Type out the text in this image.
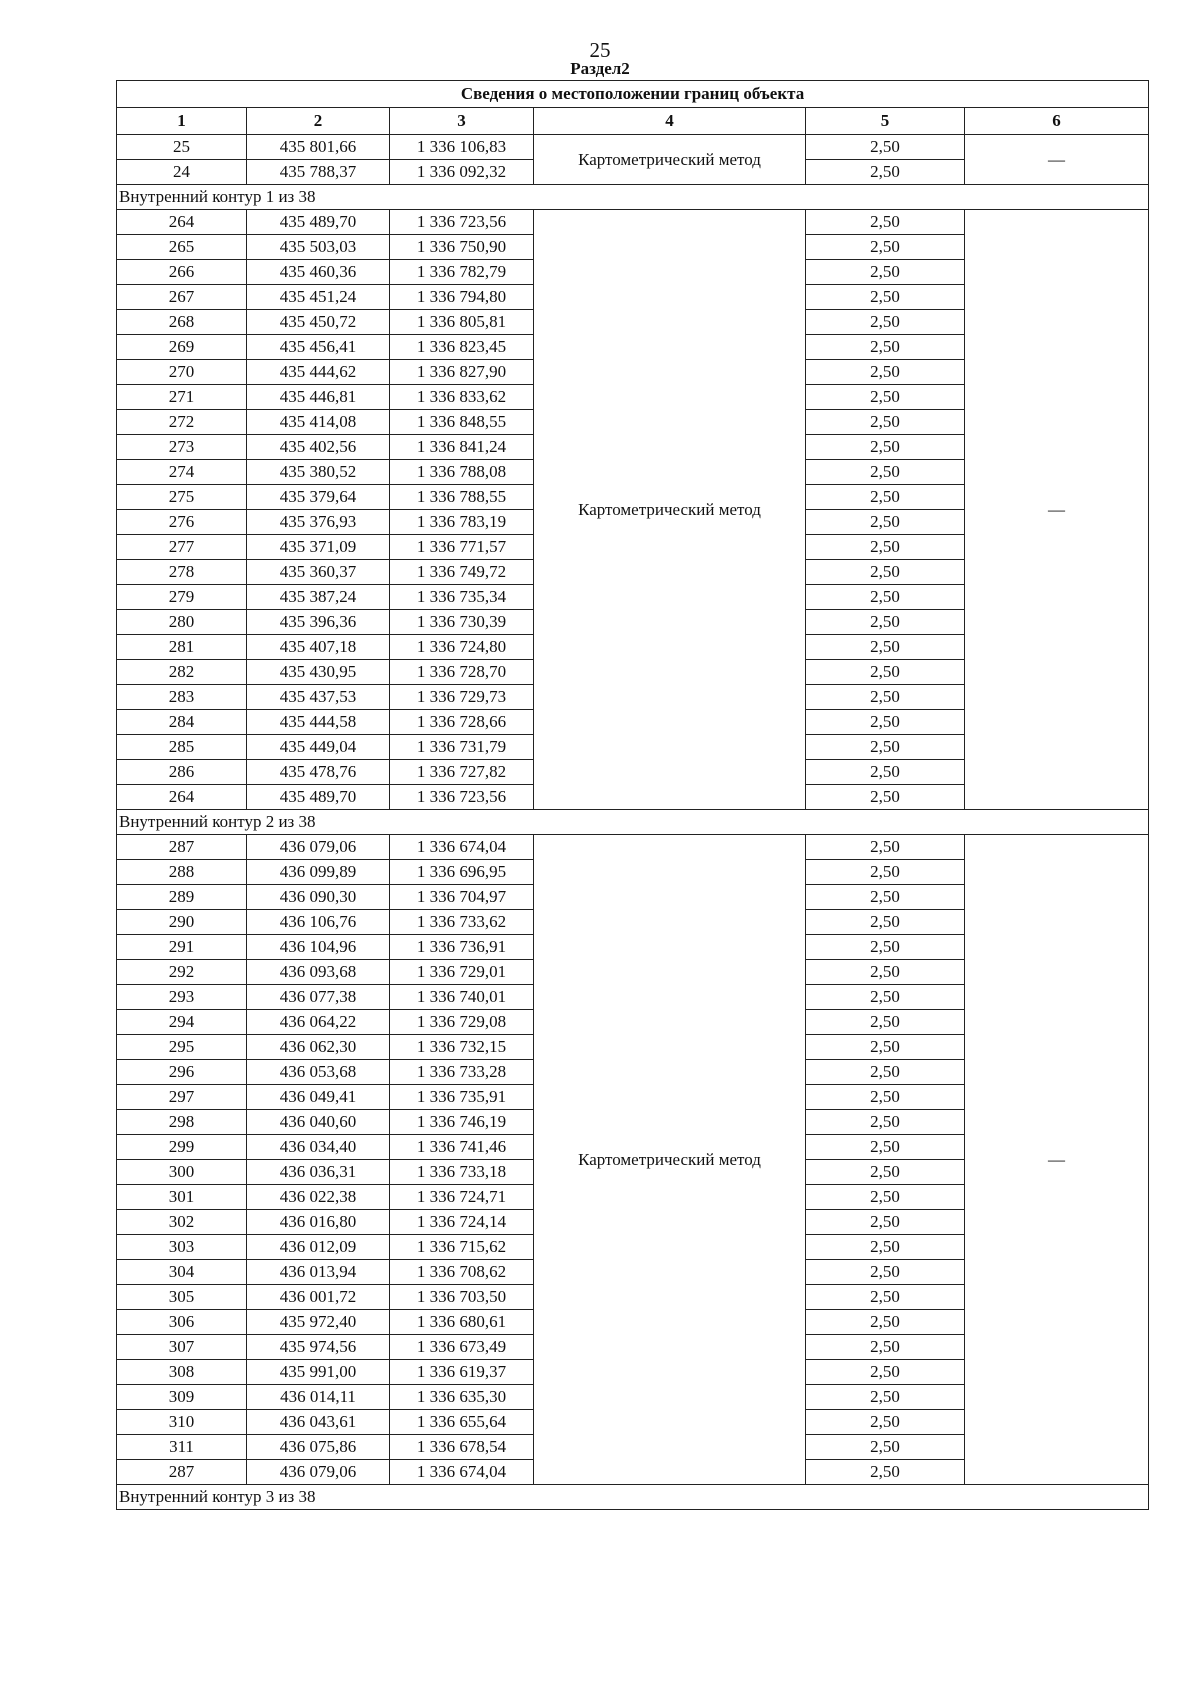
25
Раздел2
Сведения о местоположении границ объекта					
1	2	3	4	5	6
25	435 801,66	1 336 106,83	Картометрический метод	2,50	—
24	435 788,37	1 336 092,32		2,50	
Внутренний контур 1 из 38					
264	435 489,70	1 336 723,56	Картометрический метод	2,50	—
265	435 503,03	1 336 750,90		2,50	
266	435 460,36	1 336 782,79		2,50	
267	435 451,24	1 336 794,80		2,50	
268	435 450,72	1 336 805,81		2,50	
269	435 456,41	1 336 823,45		2,50	
270	435 444,62	1 336 827,90		2,50	
271	435 446,81	1 336 833,62		2,50	
272	435 414,08	1 336 848,55		2,50	
273	435 402,56	1 336 841,24		2,50	
274	435 380,52	1 336 788,08		2,50	
275	435 379,64	1 336 788,55		2,50	
276	435 376,93	1 336 783,19		2,50	
277	435 371,09	1 336 771,57		2,50	
278	435 360,37	1 336 749,72		2,50	
279	435 387,24	1 336 735,34		2,50	
280	435 396,36	1 336 730,39		2,50	
281	435 407,18	1 336 724,80		2,50	
282	435 430,95	1 336 728,70		2,50	
283	435 437,53	1 336 729,73		2,50	
284	435 444,58	1 336 728,66		2,50	
285	435 449,04	1 336 731,79		2,50	
286	435 478,76	1 336 727,82		2,50	
264	435 489,70	1 336 723,56		2,50	
Внутренний контур 2 из 38					
287	436 079,06	1 336 674,04	Картометрический метод	2,50	—
288	436 099,89	1 336 696,95		2,50	
289	436 090,30	1 336 704,97		2,50	
290	436 106,76	1 336 733,62		2,50	
291	436 104,96	1 336 736,91		2,50	
292	436 093,68	1 336 729,01		2,50	
293	436 077,38	1 336 740,01		2,50	
294	436 064,22	1 336 729,08		2,50	
295	436 062,30	1 336 732,15		2,50	
296	436 053,68	1 336 733,28		2,50	
297	436 049,41	1 336 735,91		2,50	
298	436 040,60	1 336 746,19		2,50	
299	436 034,40	1 336 741,46		2,50	
300	436 036,31	1 336 733,18		2,50	
301	436 022,38	1 336 724,71		2,50	
302	436 016,80	1 336 724,14		2,50	
303	436 012,09	1 336 715,62		2,50	
304	436 013,94	1 336 708,62		2,50	
305	436 001,72	1 336 703,50		2,50	
306	435 972,40	1 336 680,61		2,50	
307	435 974,56	1 336 673,49		2,50	
308	435 991,00	1 336 619,37		2,50	
309	436 014,11	1 336 635,30		2,50	
310	436 043,61	1 336 655,64		2,50	
311	436 075,86	1 336 678,54		2,50	
287	436 079,06	1 336 674,04		2,50	
Внутренний контур 3 из 38					
